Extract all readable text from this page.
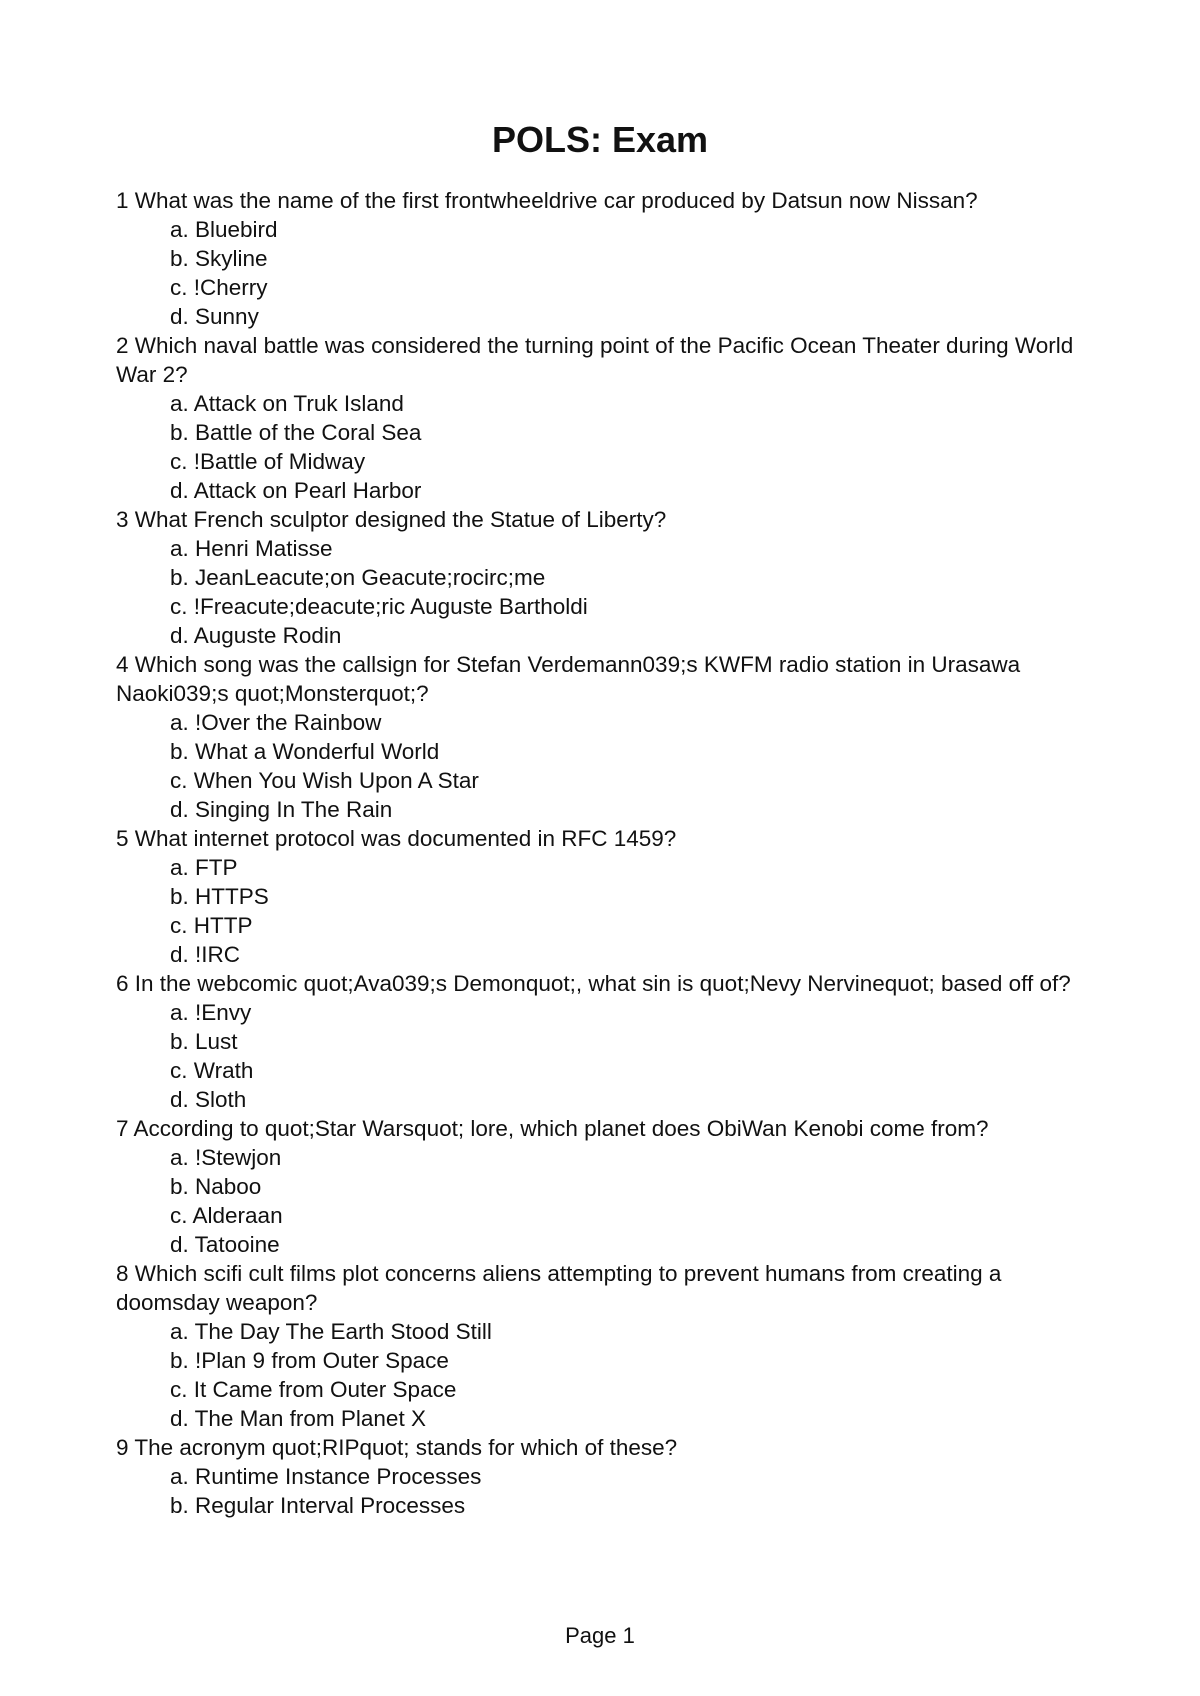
POLS: Exam
1 What was the name of the first frontwheeldrive car produced by Datsun now Nissan?
a. Bluebird
b. Skyline
c. !Cherry
d. Sunny
2 Which naval battle was considered the turning point of the Pacific Ocean Theater during World War 2?
a. Attack on Truk Island
b. Battle of the Coral Sea
c. !Battle of Midway
d. Attack on Pearl Harbor
3 What French sculptor designed the Statue of Liberty?
a. Henri Matisse
b. JeanLeacute;on Geacute;rocirc;me
c. !Freacute;deacute;ric Auguste Bartholdi
d. Auguste Rodin
4 Which song was the callsign for Stefan Verdemann039;s KWFM radio station in Urasawa Naoki039;s quot;Monsterquot;?
a. !Over the Rainbow
b. What a Wonderful World
c. When You Wish Upon A Star
d. Singing In The Rain
5 What internet protocol was documented in RFC 1459?
a. FTP
b. HTTPS
c. HTTP
d. !IRC
6 In the webcomic quot;Ava039;s Demonquot;, what sin is quot;Nevy Nervinequot; based off of?
a. !Envy
b. Lust
c. Wrath
d. Sloth
7 According to quot;Star Warsquot; lore, which planet does ObiWan Kenobi come from?
a. !Stewjon
b. Naboo
c. Alderaan
d. Tatooine
8 Which scifi cult films plot concerns aliens attempting to prevent humans from creating a doomsday weapon?
a. The Day The Earth Stood Still
b. !Plan 9 from Outer Space
c. It Came from Outer Space
d. The Man from Planet X
9 The acronym quot;RIPquot; stands for which of these?
a. Runtime Instance Processes
b. Regular Interval Processes
Page 1
